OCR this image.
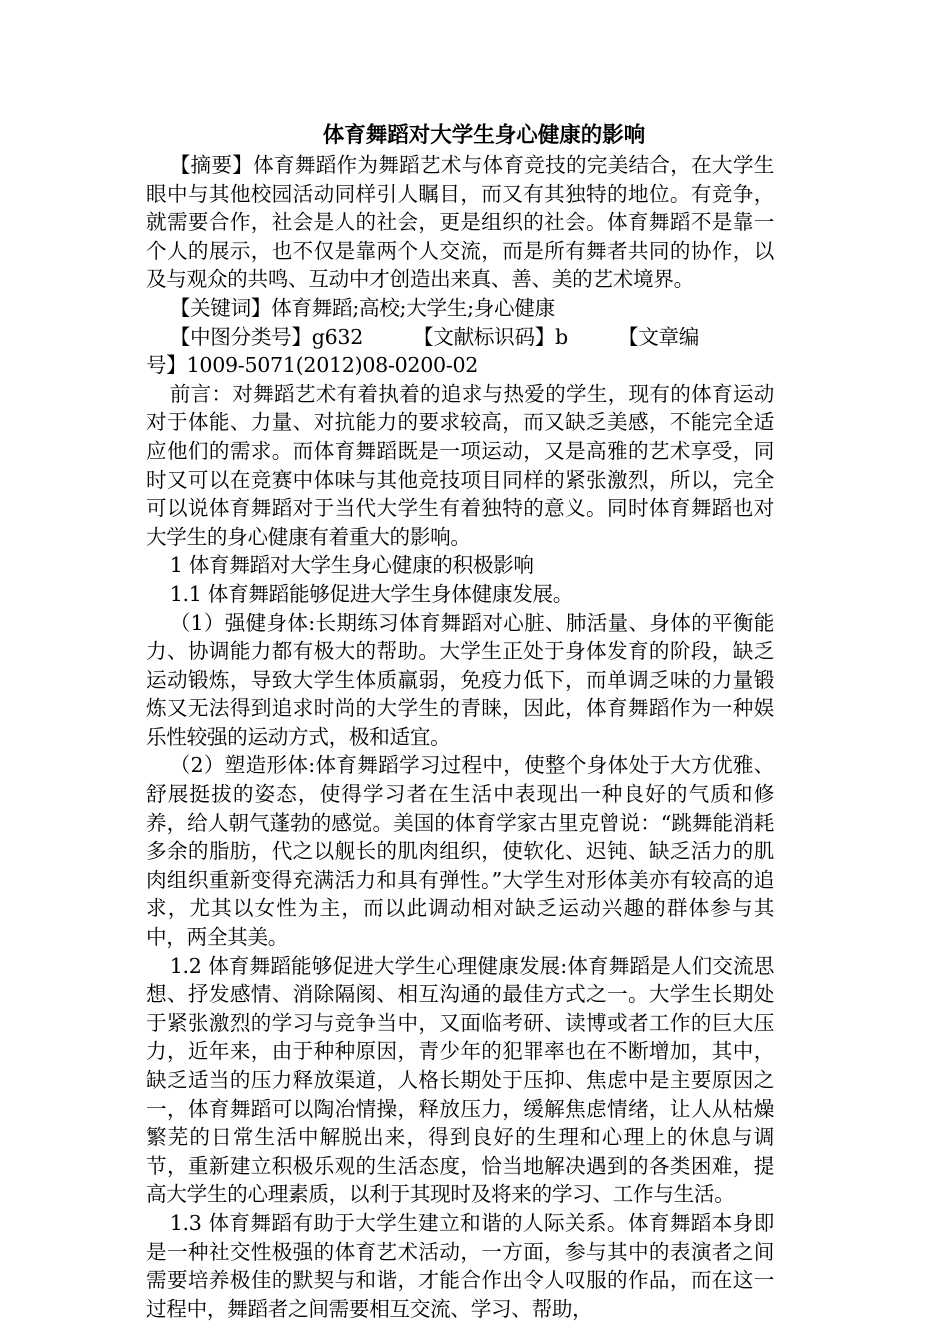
体育舞蹈对大学生身心健康的影响

【摘要】体育舞蹈作为舞蹈艺术与体育竞技的完美结合，在大学生眼中与其他校园活动同样引人瞩目，而又有其独特的地位。有竞争，就需要合作，社会是人的社会，更是组织的社会。体育舞蹈不是靠一个人的展示，也不仅是靠两个人交流，而是所有舞者共同的协作，以及与观众的共鸣、互动中才创造出来真、善、美的艺术境界。

【关键词】体育舞蹈;高校;大学生;身心健康

【中图分类号】g632        【文献标识码】b        【文章编

号】1009-5071(2012)08-0200-02

前言：对舞蹈艺术有着执着的追求与热爱的学生，现有的体育运动对于体能、力量、对抗能力的要求较高，而又缺乏美感，不能完全适应他们的需求。而体育舞蹈既是一项运动，又是高雅的艺术享受，同时又可以在竞赛中体味与其他竞技项目同样的紧张激烈，所以，完全可以说体育舞蹈对于当代大学生有着独特的意义。同时体育舞蹈也对大学生的身心健康有着重大的影响。

1 体育舞蹈对大学生身心健康的积极影响

1.1 体育舞蹈能够促进大学生身体健康发展。

（1）强健身体:长期练习体育舞蹈对心脏、肺活量、身体的平衡能力、协调能力都有极大的帮助。大学生正处于身体发育的阶段，缺乏运动锻炼，导致大学生体质羸弱，免疫力低下，而单调乏味的力量锻炼又无法得到追求时尚的大学生的青睐，因此，体育舞蹈作为一种娱乐性较强的运动方式，极和适宜。

（2）塑造形体:体育舞蹈学习过程中，使整个身体处于大方优雅、舒展挺拔的姿态，使得学习者在生活中表现出一种良好的气质和修养，给人朝气蓬勃的感觉。美国的体育学家古里克曾说：“跳舞能消耗多余的脂肪，代之以舰长的肌肉组织，使软化、迟钝、缺乏活力的肌肉组织重新变得充满活力和具有弹性。”大学生对形体美亦有较高的追求，尤其以女性为主，而以此调动相对缺乏运动兴趣的群体参与其中，两全其美。

1.2 体育舞蹈能够促进大学生心理健康发展:体育舞蹈是人们交流思想、抒发感情、消除隔阂、相互沟通的最佳方式之一。大学生长期处于紧张激烈的学习与竞争当中，又面临考研、读博或者工作的巨大压力，近年来，由于种种原因，青少年的犯罪率也在不断增加，其中，缺乏适当的压力释放渠道，人格长期处于压抑、焦虑中是主要原因之一，体育舞蹈可以陶冶情操，释放压力，缓解焦虑情绪，让人从枯燥繁芜的日常生活中解脱出来，得到良好的生理和心理上的休息与调节，重新建立积极乐观的生活态度，恰当地解决遇到的各类困难，提高大学生的心理素质，以利于其现时及将来的学习、工作与生活。

1.3 体育舞蹈有助于大学生建立和谐的人际关系。体育舞蹈本身即是一种社交性极强的体育艺术活动，一方面，参与其中的表演者之间需要培养极佳的默契与和谐，才能合作出令人叹服的作品，而在这一过程中，舞蹈者之间需要相互交流、学习、帮助，
